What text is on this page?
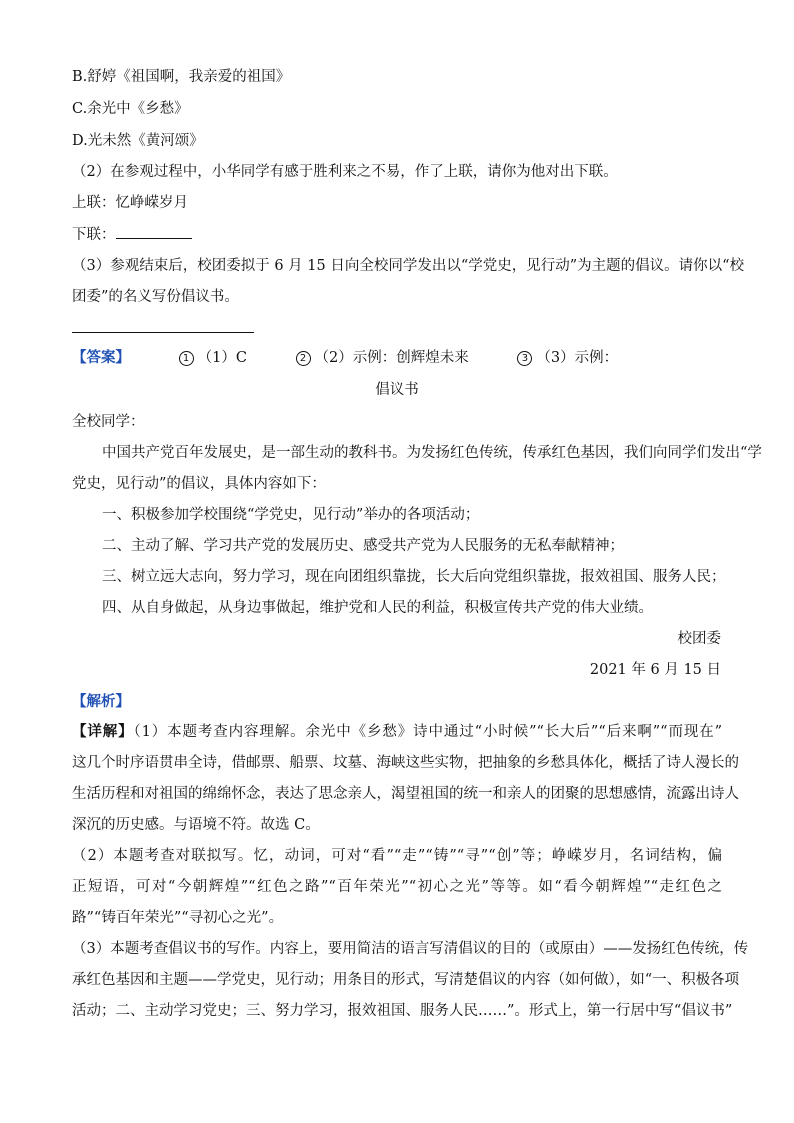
B.舒婷《祖国啊，我亲爱的祖国》
C.余光中《乡愁》
D.光未然《黄河颂》
（2）在参观过程中，小华同学有感于胜利来之不易，作了上联，请你为他对出下联。
上联：忆峥嵘岁月
下联：
（3）参观结束后，校团委拟于 6 月 15 日向全校同学发出以“学党史，见行动”为主题的倡议。请你以“校
团委”的名义写份倡议书。
【答案】	1 （1）C	2 （2）示例：创辉煌未来	3 （3）示例：
倡议书
全校同学：
中国共产党百年发展史，是一部生动的教科书。为发扬红色传统，传承红色基因，我们向同学们发出“学
党史，见行动”的倡议，具体内容如下：
一、积极参加学校围绕“学党史，见行动”举办的各项活动；
二、主动了解、学习共产党的发展历史、感受共产党为人民服务的无私奉献精神；
三、树立远大志向，努力学习，现在向团组织靠拢，长大后向党组织靠拢，报效祖国、服务人民；
四、从自身做起，从身边事做起，维护党和人民的利益，积极宣传共产党的伟大业绩。
校团委
2021 年 6 月 15 日
【解析】
【详解】（1）本题考查内容理解。余光中《乡愁》诗中通过“小时候”“长大后”“后来啊”“而现在”
这几个时序语贯串全诗，借邮票、船票、坟墓、海峡这些实物，把抽象的乡愁具体化，概括了诗人漫长的
生活历程和对祖国的绵绵怀念，表达了思念亲人，渴望祖国的统一和亲人的团聚的思想感情，流露出诗人
深沉的历史感。与语境不符。故选 C。
（2）本题考查对联拟写。忆，动词，可对“看”“走”“铸”“寻”“创”等；峥嵘岁月，名词结构，偏
正短语，可对“今朝辉煌”“红色之路”“百年荣光”“初心之光”等等。如“看今朝辉煌”“走红色之
路”“铸百年荣光”“寻初心之光”。
（3）本题考查倡议书的写作。内容上，要用简洁的语言写清倡议的目的（或原由）——发扬红色传统，传
承红色基因和主题——学党史，见行动；用条目的形式，写清楚倡议的内容（如何做），如“一、积极各项
活动；二、主动学习党史；三、努力学习，报效祖国、服务人民……”。形式上，第一行居中写“倡议书”
